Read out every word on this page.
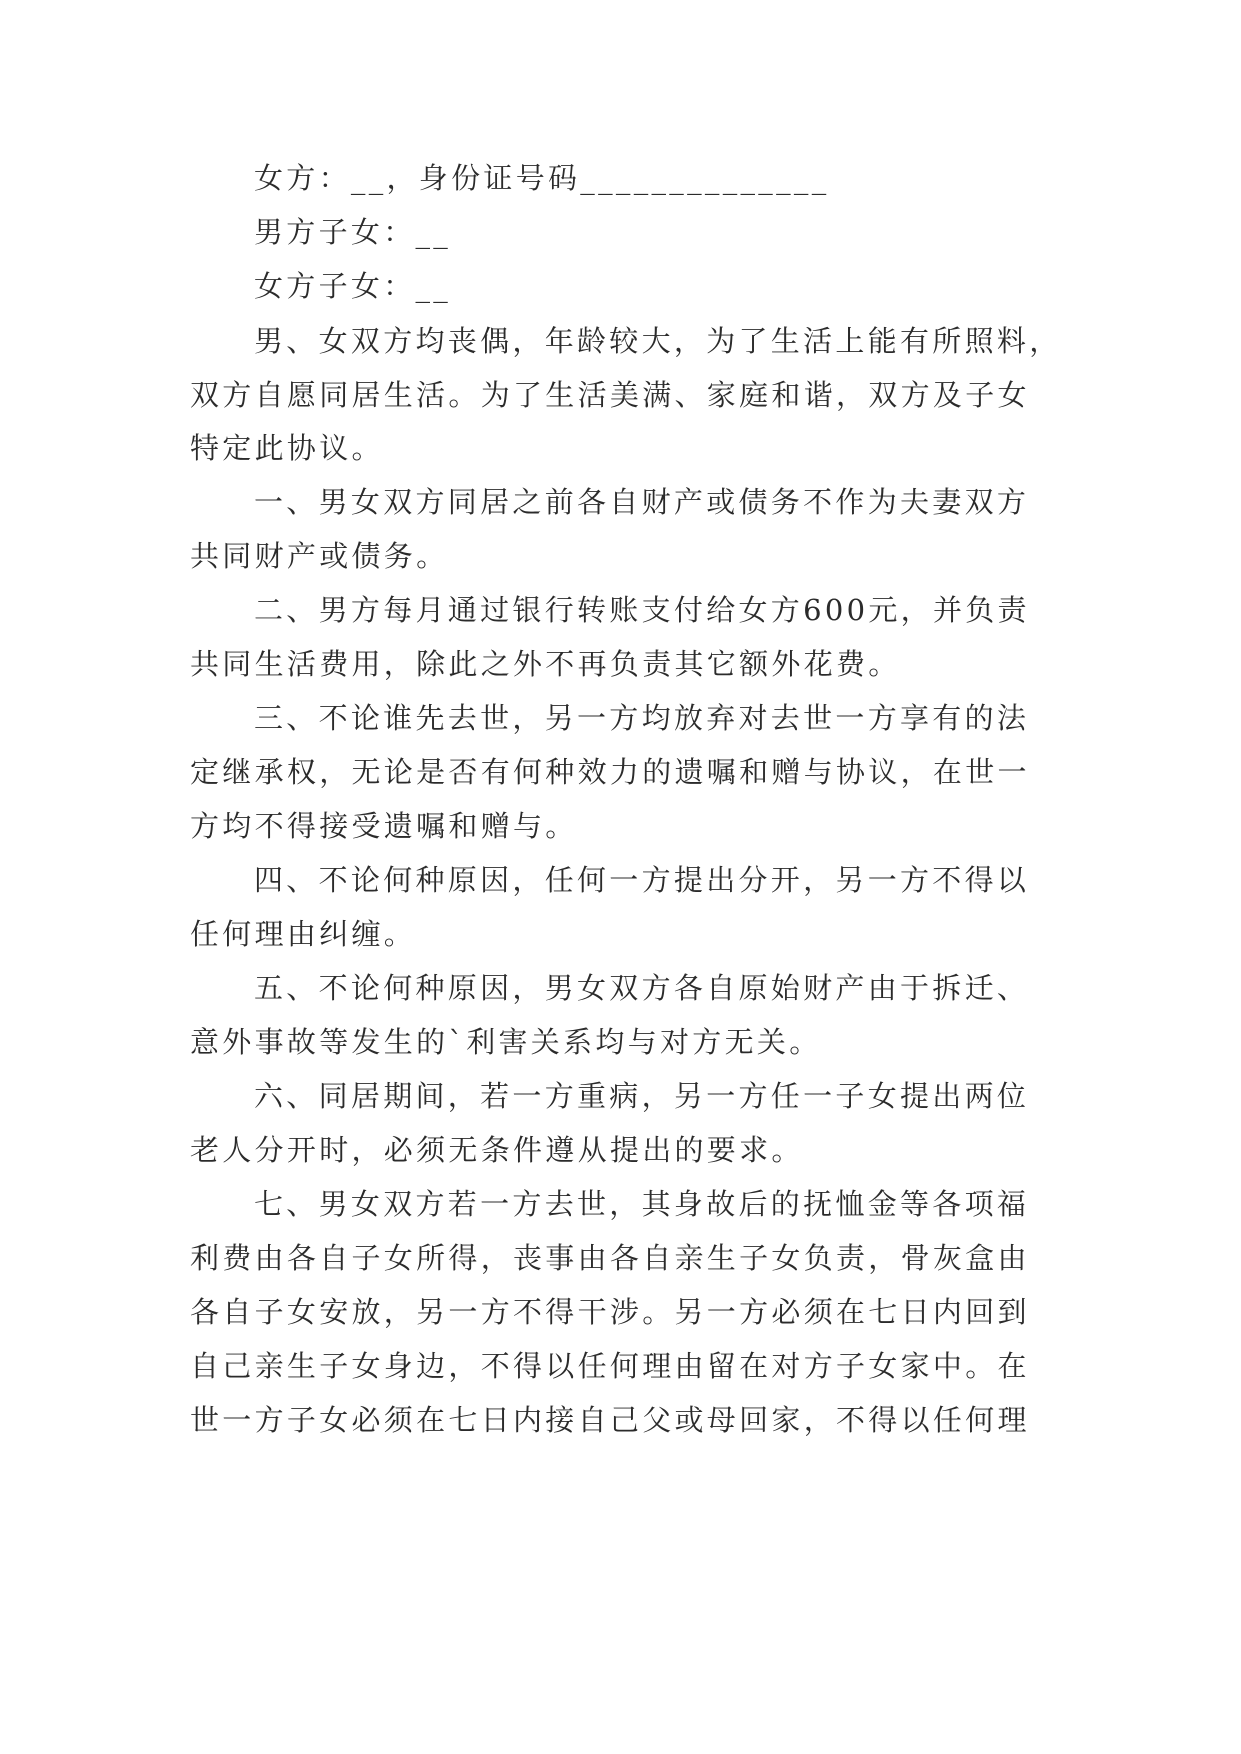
女方：__，身份证号码______________
男方子女：__
女方子女：__
男、女双方均丧偶，年龄较大，为了生活上能有所照料，
双方自愿同居生活。为了生活美满、家庭和谐，双方及子女
特定此协议。
一、男女双方同居之前各自财产或债务不作为夫妻双方
共同财产或债务。
二、男方每月通过银行转账支付给女方600元，并负责
共同生活费用，除此之外不再负责其它额外花费。
三、不论谁先去世，另一方均放弃对去世一方享有的法
定继承权，无论是否有何种效力的遗嘱和赠与协议，在世一
方均不得接受遗嘱和赠与。
四、不论何种原因，任何一方提出分开，另一方不得以
任何理由纠缠。
五、不论何种原因，男女双方各自原始财产由于拆迁、
意外事故等发生的`利害关系均与对方无关。
六、同居期间，若一方重病，另一方任一子女提出两位
老人分开时，必须无条件遵从提出的要求。
七、男女双方若一方去世，其身故后的抚恤金等各项福
利费由各自子女所得，丧事由各自亲生子女负责，骨灰盒由
各自子女安放，另一方不得干涉。另一方必须在七日内回到
自己亲生子女身边，不得以任何理由留在对方子女家中。在
世一方子女必须在七日内接自己父或母回家，不得以任何理
